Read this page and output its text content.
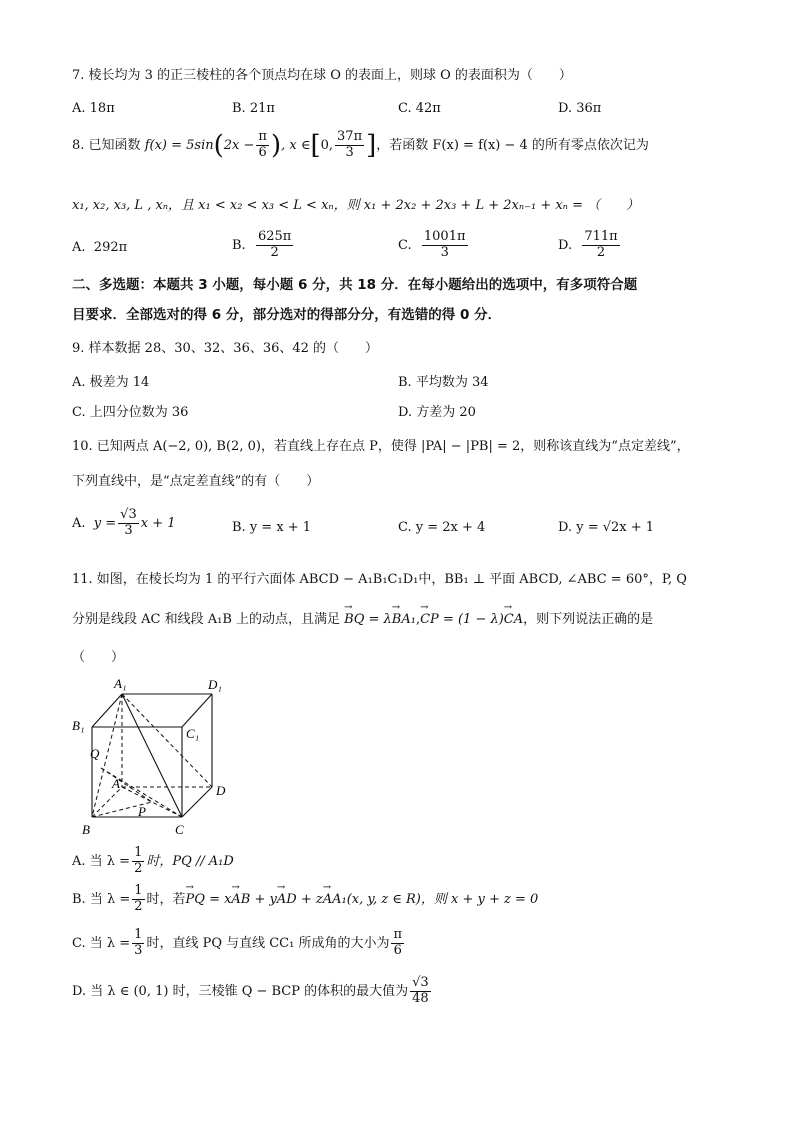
7. 棱长均为 3 的正三棱柱的各个顶点均在球 O 的表面上，则球 O 的表面积为（　　）
A. 18π	B. 21π	C. 42π	D. 36π
8. 已知函数 $f(x) = 5\sin(2x - \frac{\pi}{6}$ ), x ∈[0, $\frac{37\pi}{3}$ ]，若函数 F(x) = f(x) − 4 的所有零点依次记为
x₁, x₂, x₃, L , xₙ，且 x₁ < x₂ < x₃ < L < xₙ，则 x₁ + 2x₂ + 2x₃ + L + 2xₙ₋₁ + xₙ = （　　）
A. 292π	B. $\frac{625\pi}{2}$	C. $\frac{1001\pi}{3}$	D. $\frac{711\pi}{2}$
二、多选题：本题共 3 小题，每小题 6 分，共 18 分．在每小题给出的选项中，有多项符合题
目要求．全部选对的得 6 分，部分选对的得部分分，有选错的得 0 分．
9. 样本数据 28、30、32、36、36、42 的（　　）
A. 极差为 14	B. 平均数为 34
C. 上四分位数为 36	D. 方差为 20
10. 已知两点 A(−2, 0), B(2, 0)，若直线上存在点 P，使得 |PA| − |PB| = 2，则称该直线为“点定差线”，
下列直线中，是“点定差直线”的有（　　）
A. $y = \frac{√3}{3}$ x + 1	B. y = x + 1	C. y = 2x + 4	D. y = √2x + 1
11. 如图，在棱长均为 1 的平行六面体 ABCD − A₁B₁C₁D₁中，BB₁ ⊥ 平面 ABCD, ∠ABC = 60°，P, Q
分别是线段 AC 和线段 A₁B 上的动点，且满足 → BQ = λ→ BA₁,→ CP = (1 − λ)→ CA，则下列说法正确的是
（　　）
A₁	D₁
B₁
C₁
Q
A	D
P
B	C
A. 当 $\lambda = \frac{1}{2}$ 时，PQ // A₁D
B. 当 $\lambda = \frac{1}{2}$ 时，若→ PQ = x→ AB + y→ AD + z→ AA₁(x, y, z ∈ R)，则 x + y + z = 0
C. 当 $\lambda = \frac{1}{3}$ 时，直线 PQ 与直线 CC₁ 所成角的大小为 $\frac{\pi}{6}$
D. 当 λ ∈ (0, 1) 时，三棱锥 Q − BCP 的体积的最大值为 $\frac{√3}{48}$
